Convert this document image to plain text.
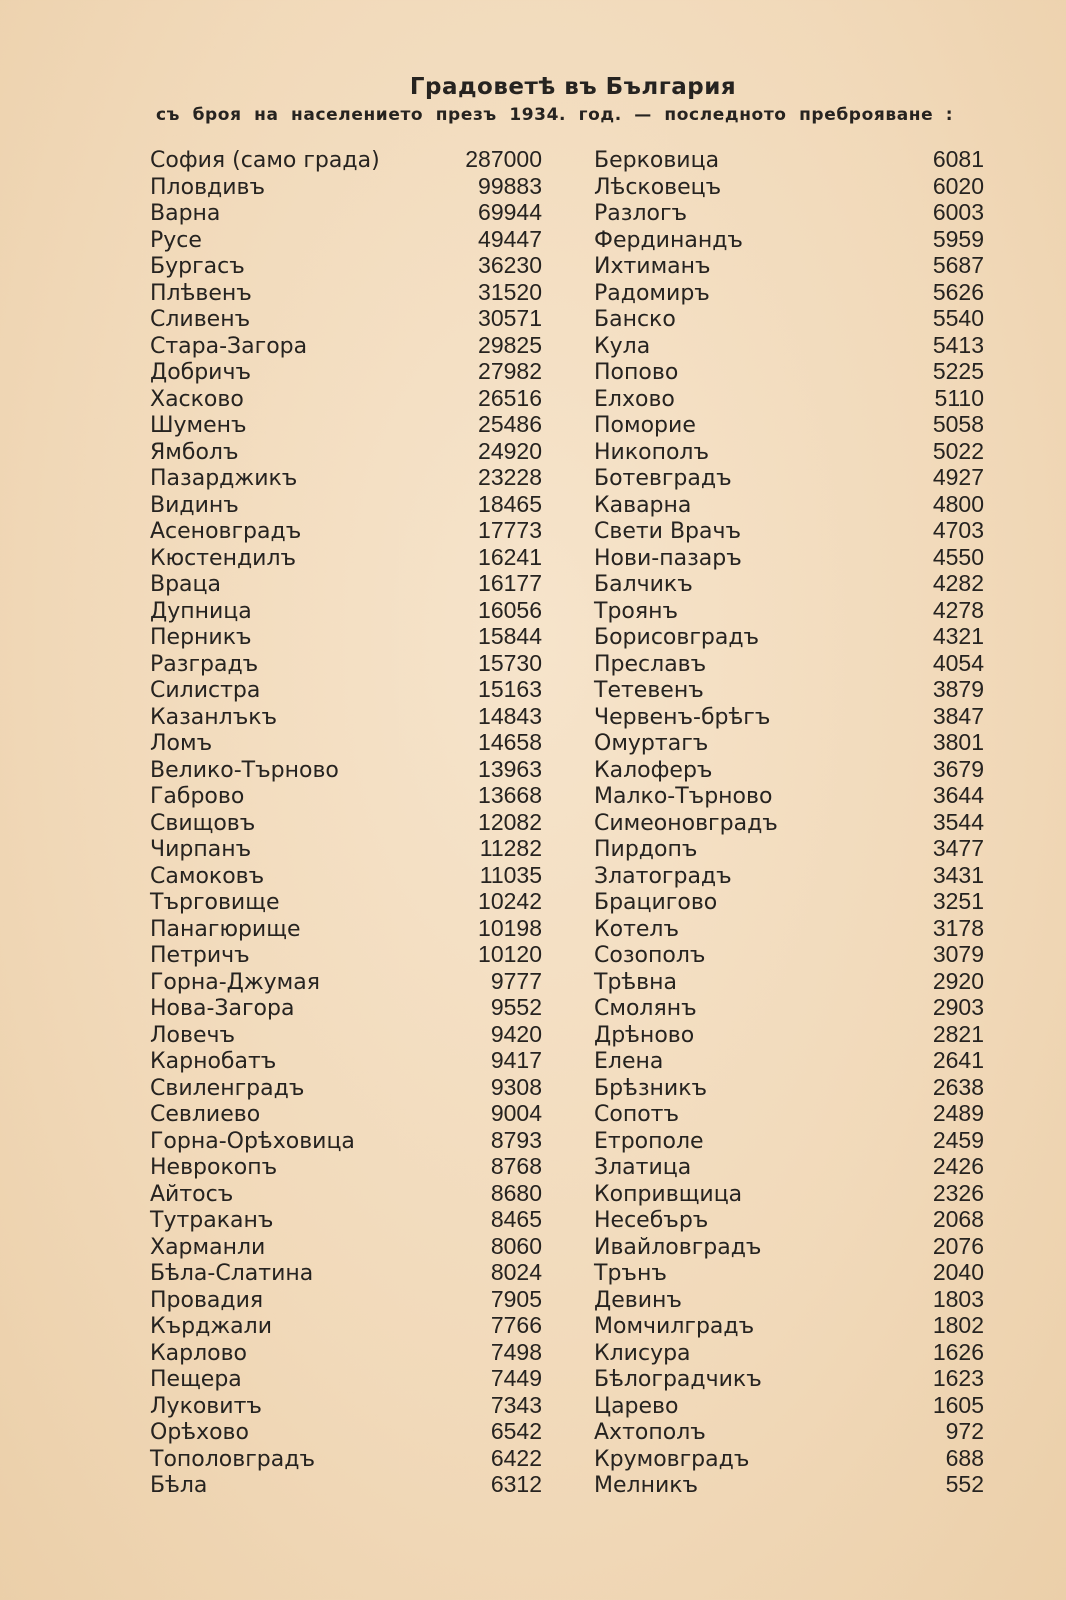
Градоветѣ въ България
съ броя на населението презъ 1934. год. — последното преброяване :
София (само града)	287000
Пловдивъ	99883
Варна	69944
Русе	49447
Бургасъ	36230
Плѣвенъ	31520
Сливенъ	30571
Стара-Загора	29825
Добричъ	27982
Хасково	26516
Шуменъ	25486
Ямболъ	24920
Пазарджикъ	23228
Видинъ	18465
Асеновградъ	17773
Кюстендилъ	16241
Враца	16177
Дупница	16056
Перникъ	15844
Разградъ	15730
Силистра	15163
Казанлъкъ	14843
Ломъ	14658
Велико-Търново	13963
Габрово	13668
Свищовъ	12082
Чирпанъ	11282
Самоковъ	11035
Търговище	10242
Панагюрище	10198
Петричъ	10120
Горна-Джумая	9777
Нова-Загора	9552
Ловечъ	9420
Карнобатъ	9417
Свиленградъ	9308
Севлиево	9004
Горна-Орѣховица	8793
Неврокопъ	8768
Айтосъ	8680
Тутраканъ	8465
Харманли	8060
Бѣла-Слатина	8024
Провадия	7905
Кърджали	7766
Карлово	7498
Пещера	7449
Луковитъ	7343
Орѣхово	6542
Тополовградъ	6422
Бѣла	6312
Берковица	6081
Лѣсковецъ	6020
Разлогъ	6003
Фердинандъ	5959
Ихтиманъ	5687
Радомиръ	5626
Банско	5540
Кула	5413
Попово	5225
Елхово	5110
Поморие	5058
Никополъ	5022
Ботевградъ	4927
Каварна	4800
Свети Врачъ	4703
Нови-пазаръ	4550
Балчикъ	4282
Троянъ	4278
Борисовградъ	4321
Преславъ	4054
Тетевенъ	3879
Червенъ-брѣгъ	3847
Омуртагъ	3801
Калоферъ	3679
Малко-Търново	3644
Симеоновградъ	3544
Пирдопъ	3477
Златоградъ	3431
Брацигово	3251
Котелъ	3178
Созополъ	3079
Трѣвна	2920
Смолянъ	2903
Дрѣново	2821
Елена	2641
Брѣзникъ	2638
Сопотъ	2489
Етрополе	2459
Златица	2426
Копривщица	2326
Несебъръ	2068
Ивайловградъ	2076
Трънъ	2040
Девинъ	1803
Момчилградъ	1802
Клисура	1626
Бѣлоградчикъ	1623
Царево	1605
Ахтополъ	972
Крумовградъ	688
Мелникъ	552
